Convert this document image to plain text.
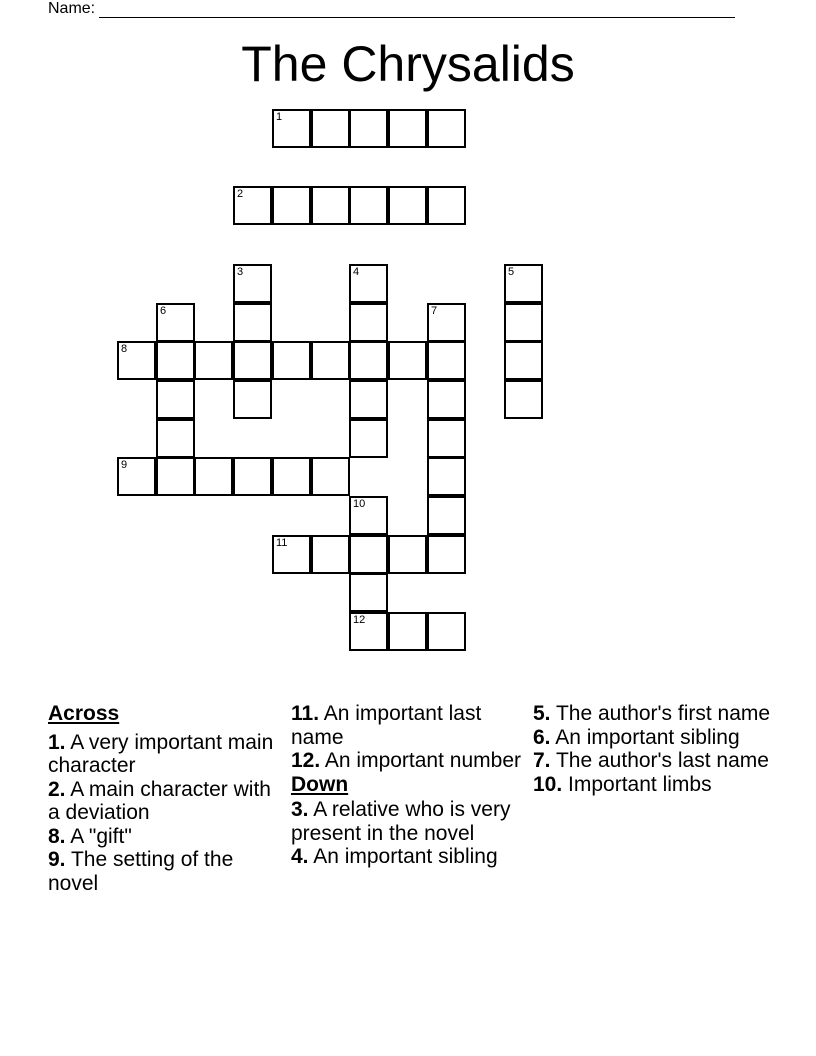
Name:
The Chrysalids
1
2
3	4	5
6	7
8
9
10
11
12
Across
1. A very important main character
2. A main character with a deviation
8. A "gift"
9. The setting of the novel
11. An important last name
12. An important number
Down
3. A relative who is very present in the novel
4. An important sibling
5. The author's first name
6. An important sibling
7. The author's last name
10. Important limbs
